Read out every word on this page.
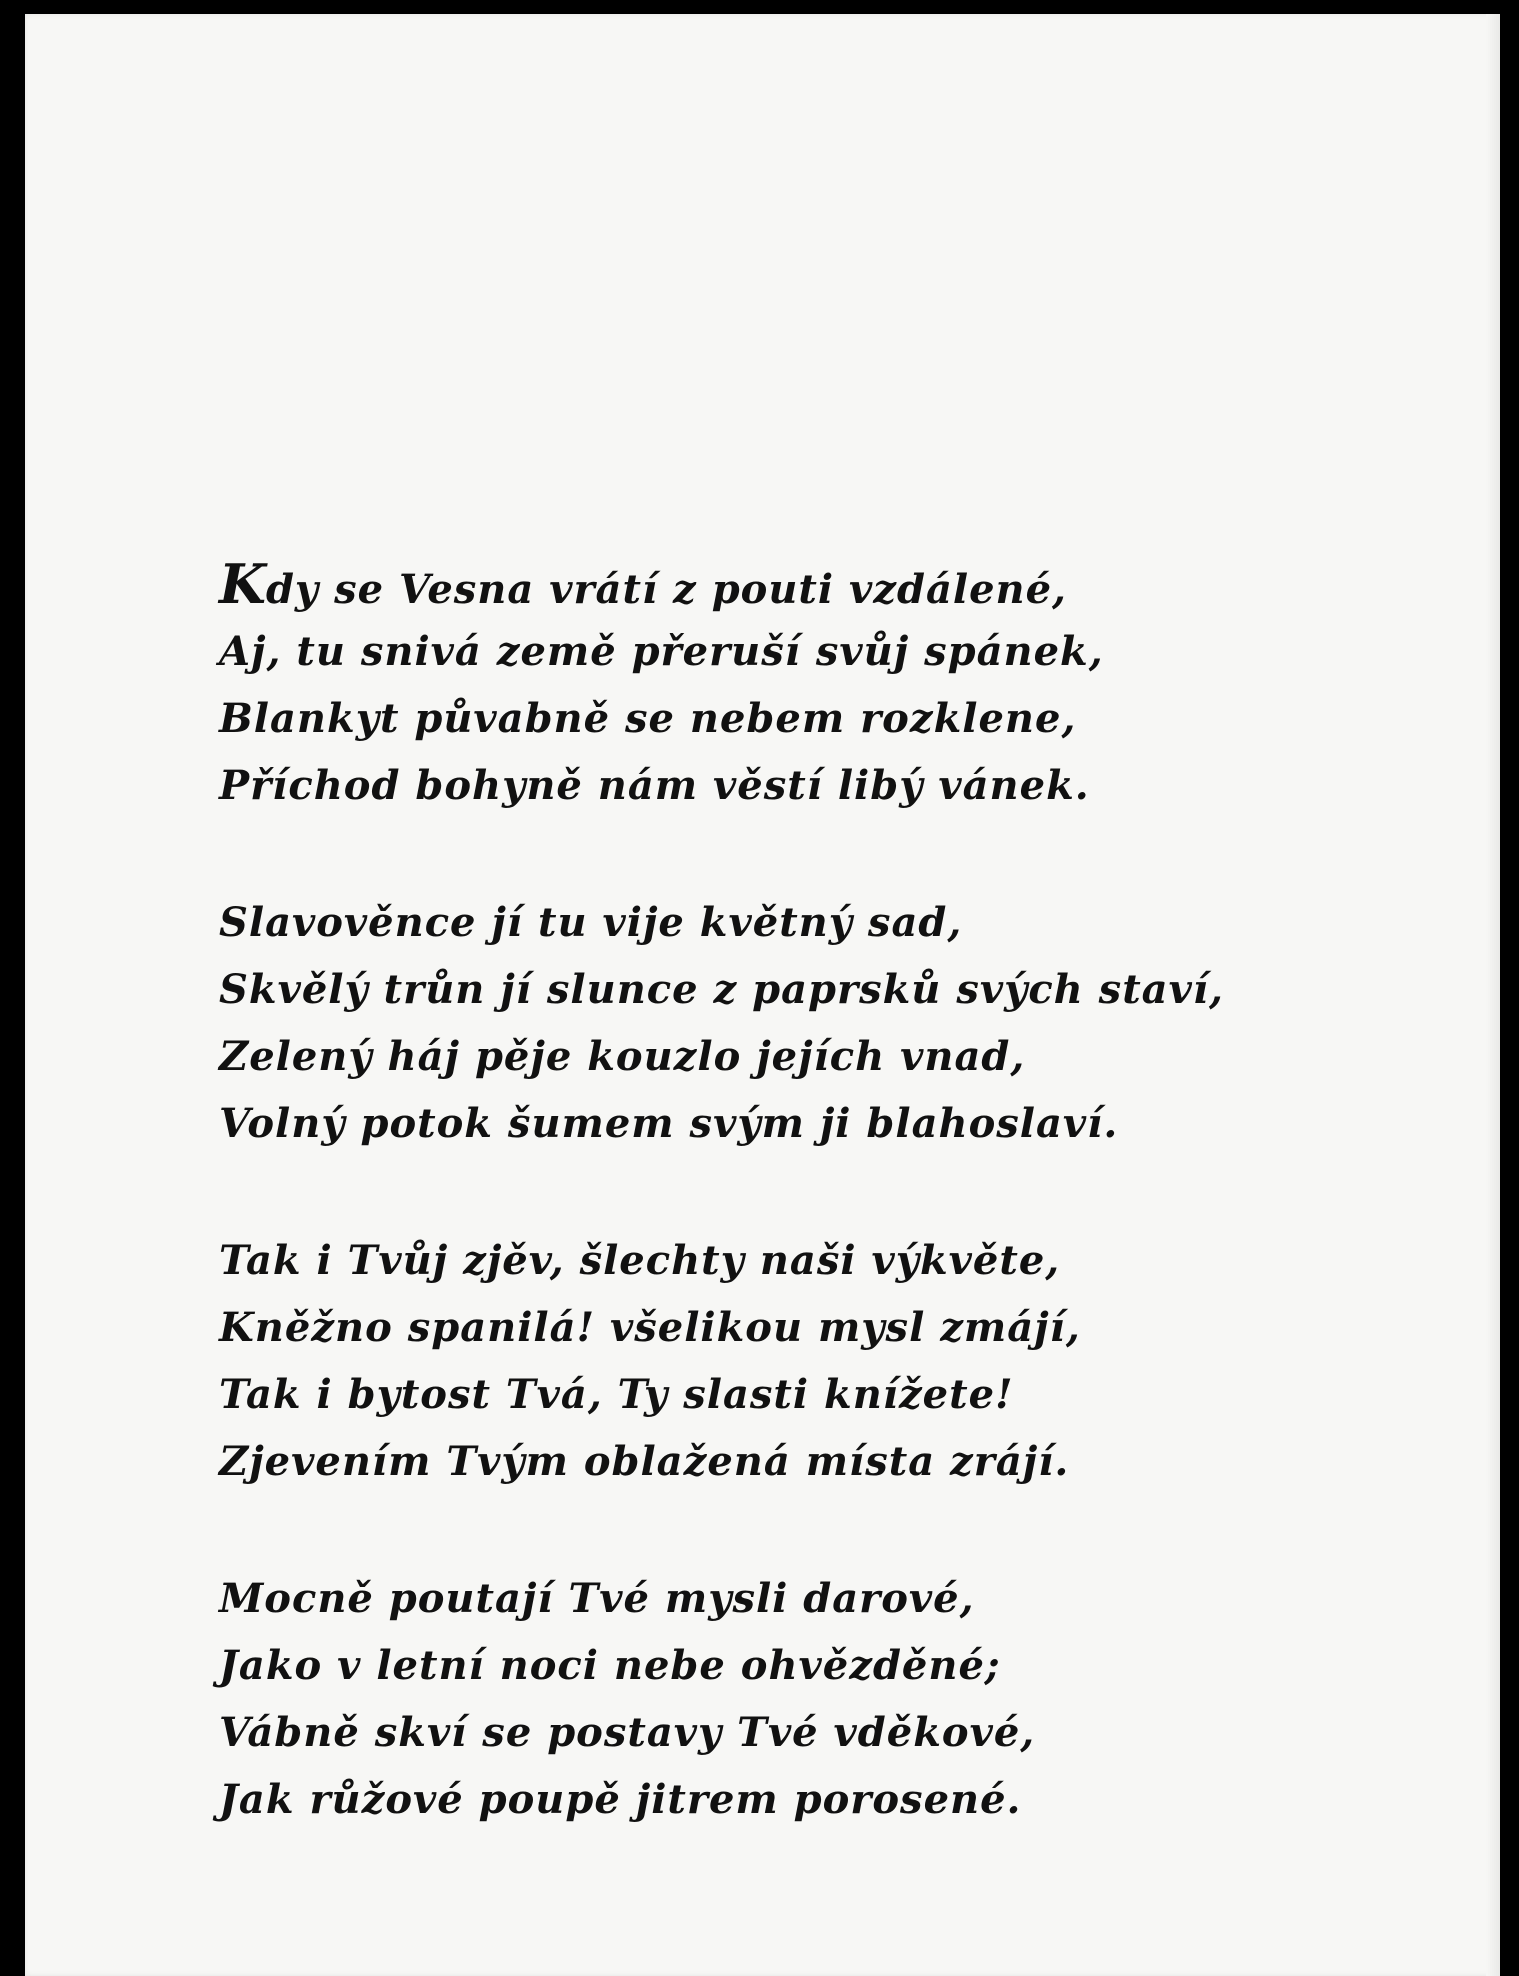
Kdy se Vesna vrátí z pouti vzdálené,
Aj, tu snivá země přeruší svůj spánek,
Blankyt půvabně se nebem rozklene,
Příchod bohyně nám věstí libý vánek.
Slavověnce jí tu vije květný sad,
Skvělý trůn jí slunce z paprsků svých staví,
Zelený háj pěje kouzlo jejích vnad,
Volný potok šumem svým ji blahoslaví.
Tak i Tvůj zjěv, šlechty naši výkvěte,
Kněžno spanilá! všelikou mysl zmájí,
Tak i bytost Tvá, Ty slasti knížete!
Zjevením Tvým oblažená místa zrájí.
Mocně poutají Tvé mysli darové,
Jako v letní noci nebe ohvězděné;
Vábně skví se postavy Tvé vděkové,
Jak růžové poupě jitrem porosené.
